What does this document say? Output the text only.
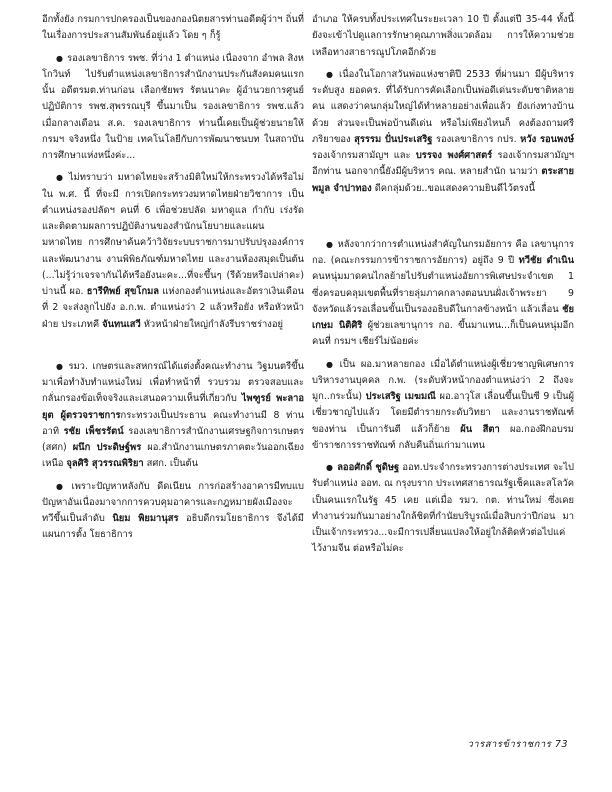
อีกทั้งยัง กรมการปกครองเป็นของกองนิตยสารท่านอดีตผู้ว่าฯ ถิ่นที่ ในเรื่องการประสานสัมพันธ์อยู่แล้ว โดย ๆ ก็รู้

● รองเลขาธิการ รพช. ที่ว่าง 1 ตำแหน่ง เนื่องจาก อำพล สิงหโกวินท์ ไปรับตำแหน่งเลขาธิการสำนักงานประกันสังคมคนแรกนั้น อดีตรมต.ท่านก่อน เลือกชัยพร รัตนนาคะ ผู้อำนวยการศูนย์ปฏิบัติการ รพช.สุพรรณบุรี ขึ้นมาเป็น รองเลขาธิการ รพช.แล้ว เมื่อกลางเดือน ส.ค. รองเลขาธิการ ท่านนี้เคยเป็นผู้ช่วยนายให้ กรมฯ จริงหนึ่ง ในป้าย เทคโนโลยีกับการพัฒนาชนบท ในสถาบันการศึกษาแห่งหนึ่งค่ะ...

● ไม่ทราบว่า มหาดไทยจะสร้างมิติใหม่ให้กระทรวงได้หรือไม่ใน พ.ศ. นี้ ที่จะมี การเปิดกระทรวงมหาดไทยฝ่ายวิชาการ เป็นตำแหน่งรองปลัดฯ คนที่ 6 เพื่อช่วยปลัด มหาดูแล กำกับ เร่งรัด และติดตามผลการปฏิบัติงานของสำนักนโยบายและแผนมหาดไทย การศึกษาค้นคว้าวิจัยระบบราชการมาปรับปรุงองค์การและพัฒนางาน งานพิพิธภัณฑ์มหาดไทย และงานห้องสมุดเป็นต้น (...ไม่รู้ว่าเจรจากันได้หรือยังนะคะ...ที่จะขึ้นๆ (รีด้วยหรือเปล่าคะ) บ่านนี้ ผอ. ธารีทิพย์ สุขโกมล แห่งกองตำแหน่งและอัตราเงินเดือนที่ 2 จะส่งลูกไปยัง อ.ก.พ. ตำแหน่งว่า 2 แล้วหรือยัง หรือหัวหน้าฝ่าย ประเภทคี จันทนเสวี หัวหน้าฝ่ายใหญ่กำลังรีบราชร่างอยู่

● รมว. เกษตรและสหกรณ์ได้แต่งตั้งคณะทำงาน วิฐมนตรีขึ้นมาเพื่อทำงับทำแหน่งใหม่ เพื่อทำหน้าที่ รวบรวม ตรวจสอบและกลั่นกรองข้อเท็จจริงและเสนอความเห็นที่เกี่ยวกับ ไพฑูรย์ พะลาอยุต ผู้ตรวจราชการกระทรวงเป็นประธาน คณะทำงานมี 8 ท่าน อาทิ รชัย เพ็ชรรัตน์ รองเลขาธิการสำนักงานเศรษฐกิจการเกษตร (สศก) ผนึก ประดิษฐ์พร ผอ.สำนักงานเกษตรภาคตะวันออกเฉียงเหนือ จุลศิริ สุวรรณพิริยา สศก. เป็นต้น

● เพราะปัญหาหลังกับ ดีดเนียน การก่อสร้างอาคารมีทบแบ ปัญหาอันเนื่องมาจากการควบคุมอาคารและกฎหมายผังเมืองจะทวีขึ้นเป็นลำดับ นิยม พิยมานุสร อธิบดีกรมโยธาธิการ จึงได้มีแผนการตั้ง โยธาธิการ

อำเภอ ให้ครบทั้งประเทศในระยะเวลา 10 ปี ตั้งแต่ปี 35-44 ทั้งนี้ยังจะเข้าไปดูแลการรักษาคุณภาพสิ่งแวดล้อม การให้ความช่วยเหลือทางสาธารณูปโภคอีกด้วย

● เนื่องในโอกาสวันพ่อแห่งชาติปี 2533 ที่ผ่านมา มีผู้บริหารระดับสูง ยอดคร. ที่ได้รับการคัดเลือกเป็นพ่อดีเด่นระดับชาติหลายคน แสดงว่าคนกลุ่มใหญ่ได้ทำหลายอย่างเพื่อแล้ว ยังเก่งทางบ้านด้วย ส่วนจะเป็นพ่อบ้านดีเด่น หรือไม่เพียงไหนก็ คงต้องถามศรีภริยาของ สุรรรม ปั่นประเสริฐ รองเลขาธิการ กปร. หวัง รอนพงษ์ รองเจ้ากรมสามัญฯ และ บรรจง พงศ์ศาสตร์ รองเจ้ากรมสามัญฯ อีกท่าน นอกจากนี้ยังมีผู้บริหาร คณ. หลายสำนัก นามว่า ตระสายพมูล จำปาทอง ดีคกลุ่มด้วย..ขอแสดงความยินดีไว้ตรงนี้

● หลังจากว่าการตำแหน่งสำคัญในกรมอัยการ คือ เลขานุการ กอ. (คณะกรรมการข้าราชการอัยการ) อยู่ถึง 9 ปี ทวีชัย ดำเนิน คนหนุ่มมาดคนไกลย้ายไปรับตำแหน่งอัยการพิเศษประจำเขต 1 ซึ่งครอบคลุมเขตพื้นที่รายลุ่มภาคกลางตอนบนฝั่งเจ้าพระยา 9 จังหวัดแล้วรอเลื่อนขั้นเป็นรองอธิบดีในกาลข้างหน้า แล้วเลื่อน ชัยเกษม นิติศิริ ผู้ช่วยเลขานุการ กอ. ขึ้นมาแทน...ก็เป็นคนหนุ่มอีกคนที่ กรมฯ เชียร์ไม่น้อยค่ะ

● เป็น ผอ.มาหลายกอง เมื่อได้ตำแหน่งผู้เชี่ยวชาญพิเศษการบริหารงานบุคคล ก.พ. (ระดับหัวหน้ากองตำแหน่งว่า 2 ถึงจะมูก..กระนั้น) ประเสริฐ เมฆมณี ผอ.อาวุโส เลื่อนขึ้นเป็นซี 9 เป็นผู้เชี่ยวชาญไปแล้ว โดยมีตำรายกระดับวิทยา และงานราชทัณฑ์ของท่าน เป็นการันตี แล้วก็ย้าย ผ้น สีตา ผอ.กองฝึกอบรมข้าราชการราชทัณฑ์ กลับคืนถิ่นเก่ามาแทน

● ลออศักดิ์ ชูดิษฐ ออท.ประจำกระทรวงการต่างประเทศ จะไปรับตำแหน่ง ออท. ณ กรุงบราก ประเทศสาธารณรัฐเช็คและสโลวัค เป็นคนแรกในรัฐ 45 เคย แต่เมื่อ รมว. กต. ท่านใหม่ ซึ่งเคยทำงานร่วมกันมาอย่างใกล้ชิดที่กำนัยบริบูรณ์เมื่อสิบกว่าปีก่อน มาเป็นเจ้ากระทรวง...จะมีการเปลี่ยนแปลงให้อยู่ใกล้ติดหัวต่อไปแค่ไว้งามจีน ต่อหรือไม่คะ

วารสารข้าราชการ 73
